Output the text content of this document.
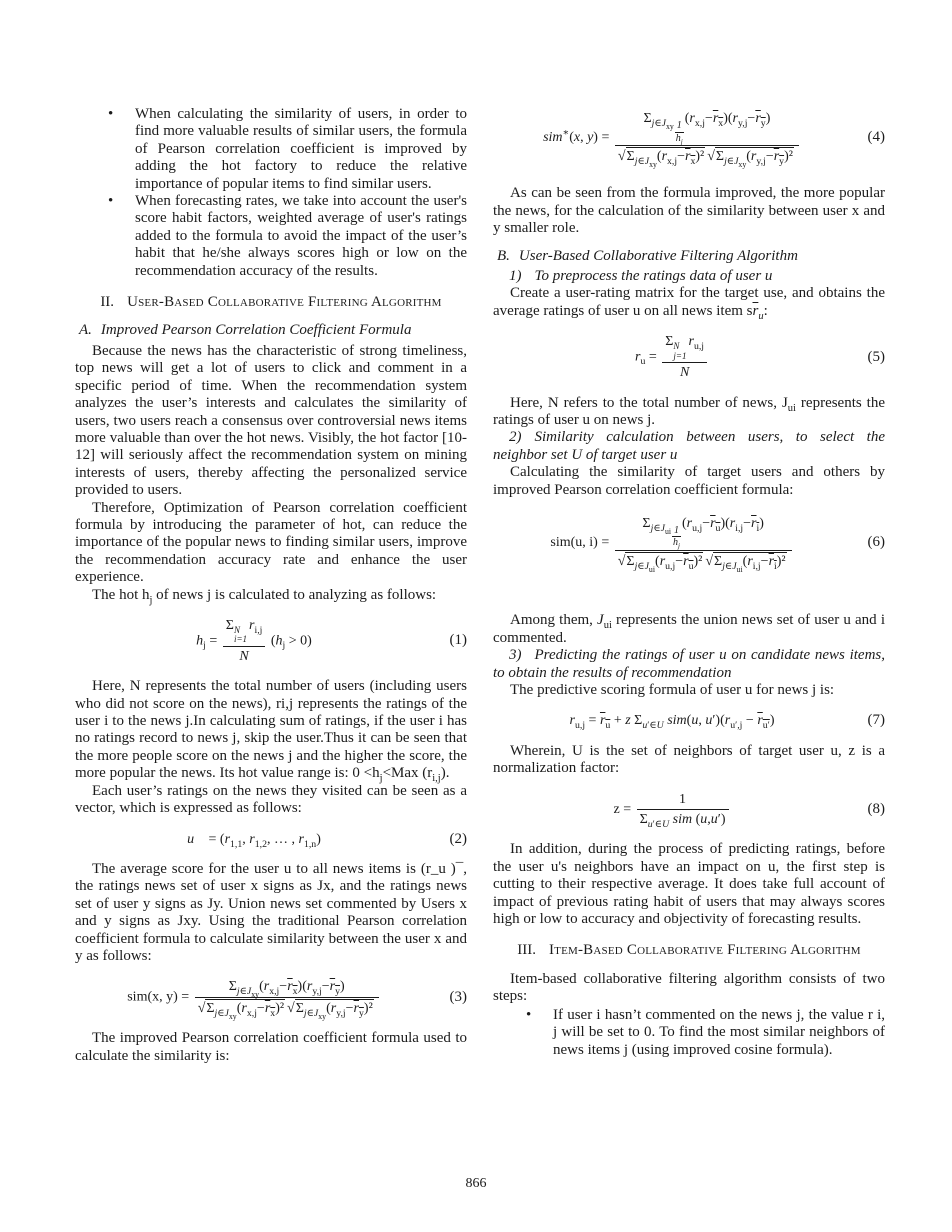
• When calculating the similarity of users, in order to find more valuable results of similar users, the formula of Pearson correlation coefficient is improved by adding the hot factory to reduce the relative importance of popular items to find similar users.
• When forecasting rates, we take into account the user's score habit factors, weighted average of user's ratings added to the formula to avoid the impact of the user’s habit that he/she always scores high or low on the recommendation accuracy of the results.
II. User-Based Collaborative Filtering Algorithm

A. Improved Pearson Correlation Coefficient Formula

Because the news has the characteristic of strong timeliness, top news will get a lot of users to click and comment in a specific period of time. When the recommendation system analyzes the user’s interests and calculates the similarity of users, two users reach a consensus over controversial news items more valuable than over the hot news. Visibly, the hot factor [10-12] will seriously affect the recommendation system on mining interests of users, thereby affecting the personalized service provided to users.

Therefore, Optimization of Pearson correlation coefficient formula by introducing the parameter of hot, can reduce the importance of the popular news to finding similar users, improve the recommendation accuracy rate and enhance the user experience.

The hot $h_j$ of news j is calculated to analyzing as follows:

$h_j = \Sigma$ N
i=1
$r_{i,j}$
N $(h_j > 0)$	(1)

Here, N represents the total number of users (including users who did not score on the news), ri,j represents the ratings of the user i to the news j.In calculating sum of ratings, if the user i has no ratings record to news j, skip the user.Thus it can be seen that the more people score on the news j and the higher the score, the more popular the news. Its hot value range is: $0 <h_j<Max$ $(r_{i,j})$.

Each user’s ratings on the news they visited can be seen as a vector, which is expressed as follows:

u⃗ = ($r_{1,1}$, $r_{1,2}$, … , $r_{1,n}$)	(2)

The average score for the user u to all news items is (r_u )¯, the ratings news set of user x signs as Jx, and the ratings news set of user y signs as Jy. Union news set commented by Users x and y signs as Jxy. Using the traditional Pearson correlation coefficient formula to calculate similarity between the user x and y as follows:

sim(x, $y) = \frac{\Sigma_{j\in J_{xy}}(r_{x,j}-r_x)(r_{y,j}-r_y)}{√\Sigma_{j\in J_{xy}}(r_{x,j}-r_x)^2 √\Sigma_{j\in J_{xy}}(r_{y,j}-r_y)^2}$	(3)

The improved Pearson correlation coefficient formula used to calculate the similarity is:

sim∗(x, $y) = \Sigma_{j\in J_{xy}} \frac{1}{h_j}$
$(r_{x,j}-r_x)(r_{y,j}-r_y)$
$√\Sigma_{j\in J_{xy}}(r_{x,j}-r_x)^2$ $√\Sigma_{j\in J_{xy}}(r_{y,j}-r_y)^2$	(4)

As can be seen from the formula improved, the more popular the news, for the calculation of the similarity between user x and y smaller role.

B. User-Based Collaborative Filtering Algorithm

1) To preprocess the ratings data of user u

Create a user-rating matrix for the target use, and obtains the average ratings of user u on all news item $s\overline{r}_u$:

$r_u = \Sigma$ N
j=1
$r_{u,j}$
N	(5)

Here, N refers to the total number of news, $J_{ui}$ represents the ratings of user u on news j.

2) Similarity calculation between users, to select the neighbor set U of target user u

Calculating the similarity of target users and others by improved Pearson correlation coefficient formula:

sim(u, $i) = \Sigma_{j\in J_{ui}} \frac{1}{h_j}$
$(r_{u,j}-r_u)(r_{i,j}-r_i)$
$√\Sigma_{j\in J_{ui}}(r_{u,j}-r_u)^2$ $√\Sigma_{j\in J_{ui}}(r_{i,j}-r_i)^2$	(6)

Among them, $J_{ui}$ represents the union news set of user u and i commented.

3) Predicting the ratings of user u on candidate news items, to obtain the results of recommendation

The predictive scoring formula of user u for news j is:

$r_{u,j} = r_u + z$ $\Sigma_{u'\in U}$ sim(u, $u')(r_{u',j} - r_{u'})$	(7)

Wherein, U is the set of neighbors of target user u, z is a normalization factor:

$z = \frac{1}{\Sigma_{u'\in U} sim (u,u')}$	(8)

In addition, during the process of predicting ratings, before the user u's neighbors have an impact on u, the first step is cutting to their respective average. It does take full account of impact of previous rating habit of users that may always scores high or low to accuracy and objectivity of forecasting results.

III. Item-Based Collaborative Filtering Algorithm

Item-based collaborative filtering algorithm consists of two steps:

• If user i hasn’t commented on the news j, the value r i, j will be set to 0. To find the most similar neighbors of news items j (using improved cosine formula).
866
